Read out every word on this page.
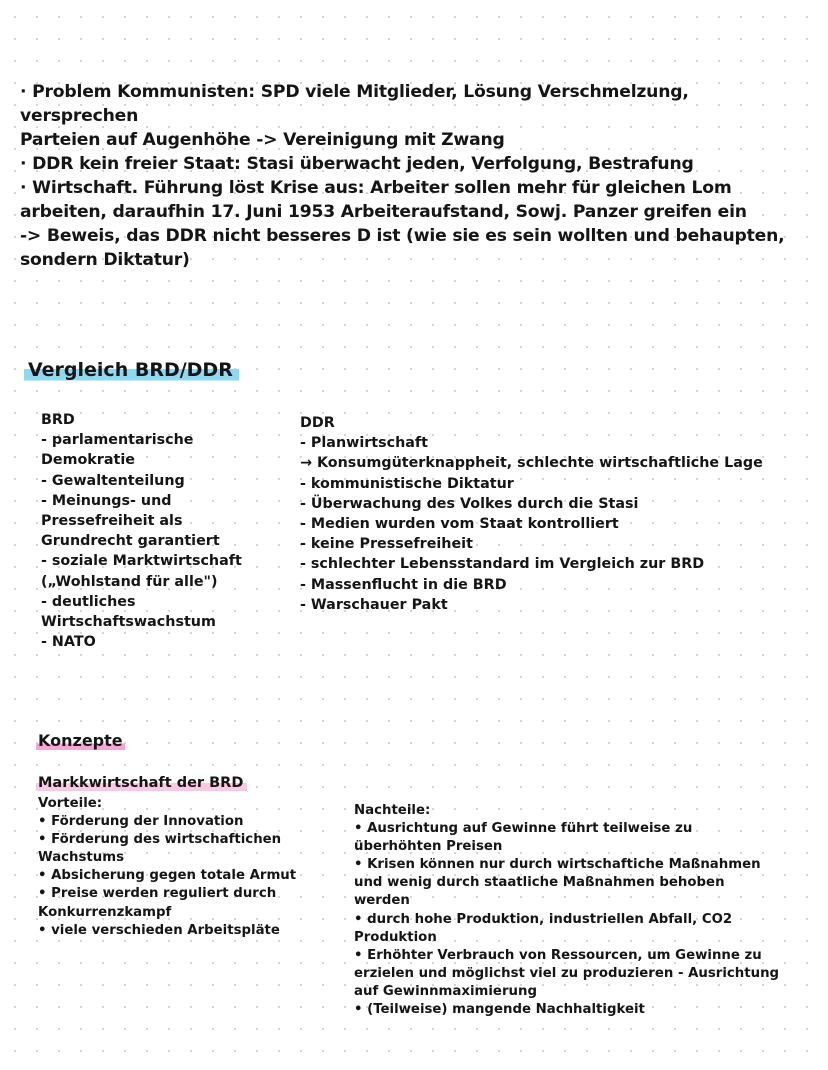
· Problem Kommunisten: SPD viele Mitglieder, Lösung Verschmelzung,
versprechen
Parteien auf Augenhöhe -> Vereinigung mit Zwang
· DDR kein freier Staat: Stasi überwacht jeden, Verfolgung, Bestrafung
· Wirtschaft. Führung löst Krise aus: Arbeiter sollen mehr für gleichen Lom
arbeiten, daraufhin 17. Juni 1953 Arbeiteraufstand, Sowj. Panzer greifen ein
-> Beweis, das DDR nicht besseres D ist (wie sie es sein wollten und behaupten,
sondern Diktatur)
Vergleich BRD/DDR
BRD
- parlamentarische
Demokratie
- Gewaltenteilung
- Meinungs- und
Pressefreiheit als
Grundrecht garantiert
- soziale Marktwirtschaft
(„Wohlstand für alle")
- deutliches
Wirtschaftswachstum
- NATO
DDR
- Planwirtschaft
→ Konsumgüterknappheit, schlechte wirtschaftliche Lage
- kommunistische Diktatur
- Überwachung des Volkes durch die Stasi
- Medien wurden vom Staat kontrolliert
- keine Pressefreiheit
- schlechter Lebensstandard im Vergleich zur BRD
- Massenflucht in die BRD
- Warschauer Pakt
Konzepte
Markkwirtschaft der BRD
Vorteile:
• Förderung der Innovation
• Förderung des wirtschaftichen
Wachstums
• Absicherung gegen totale Armut
• Preise werden reguliert durch
Konkurrenzkampf
• viele verschieden Arbeitspläte
Nachteile:
• Ausrichtung auf Gewinne führt teilweise zu
überhöhten Preisen
• Krisen können nur durch wirtschaftiche Maßnahmen
und wenig durch staatliche Maßnahmen behoben
werden
• durch hohe Produktion, industriellen Abfall, CO2
Produktion
• Erhöhter Verbrauch von Ressourcen, um Gewinne zu
erzielen und möglichst viel zu produzieren - Ausrichtung
auf Gewinnmaximierung
• (Teilweise) mangende Nachhaltigkeit
